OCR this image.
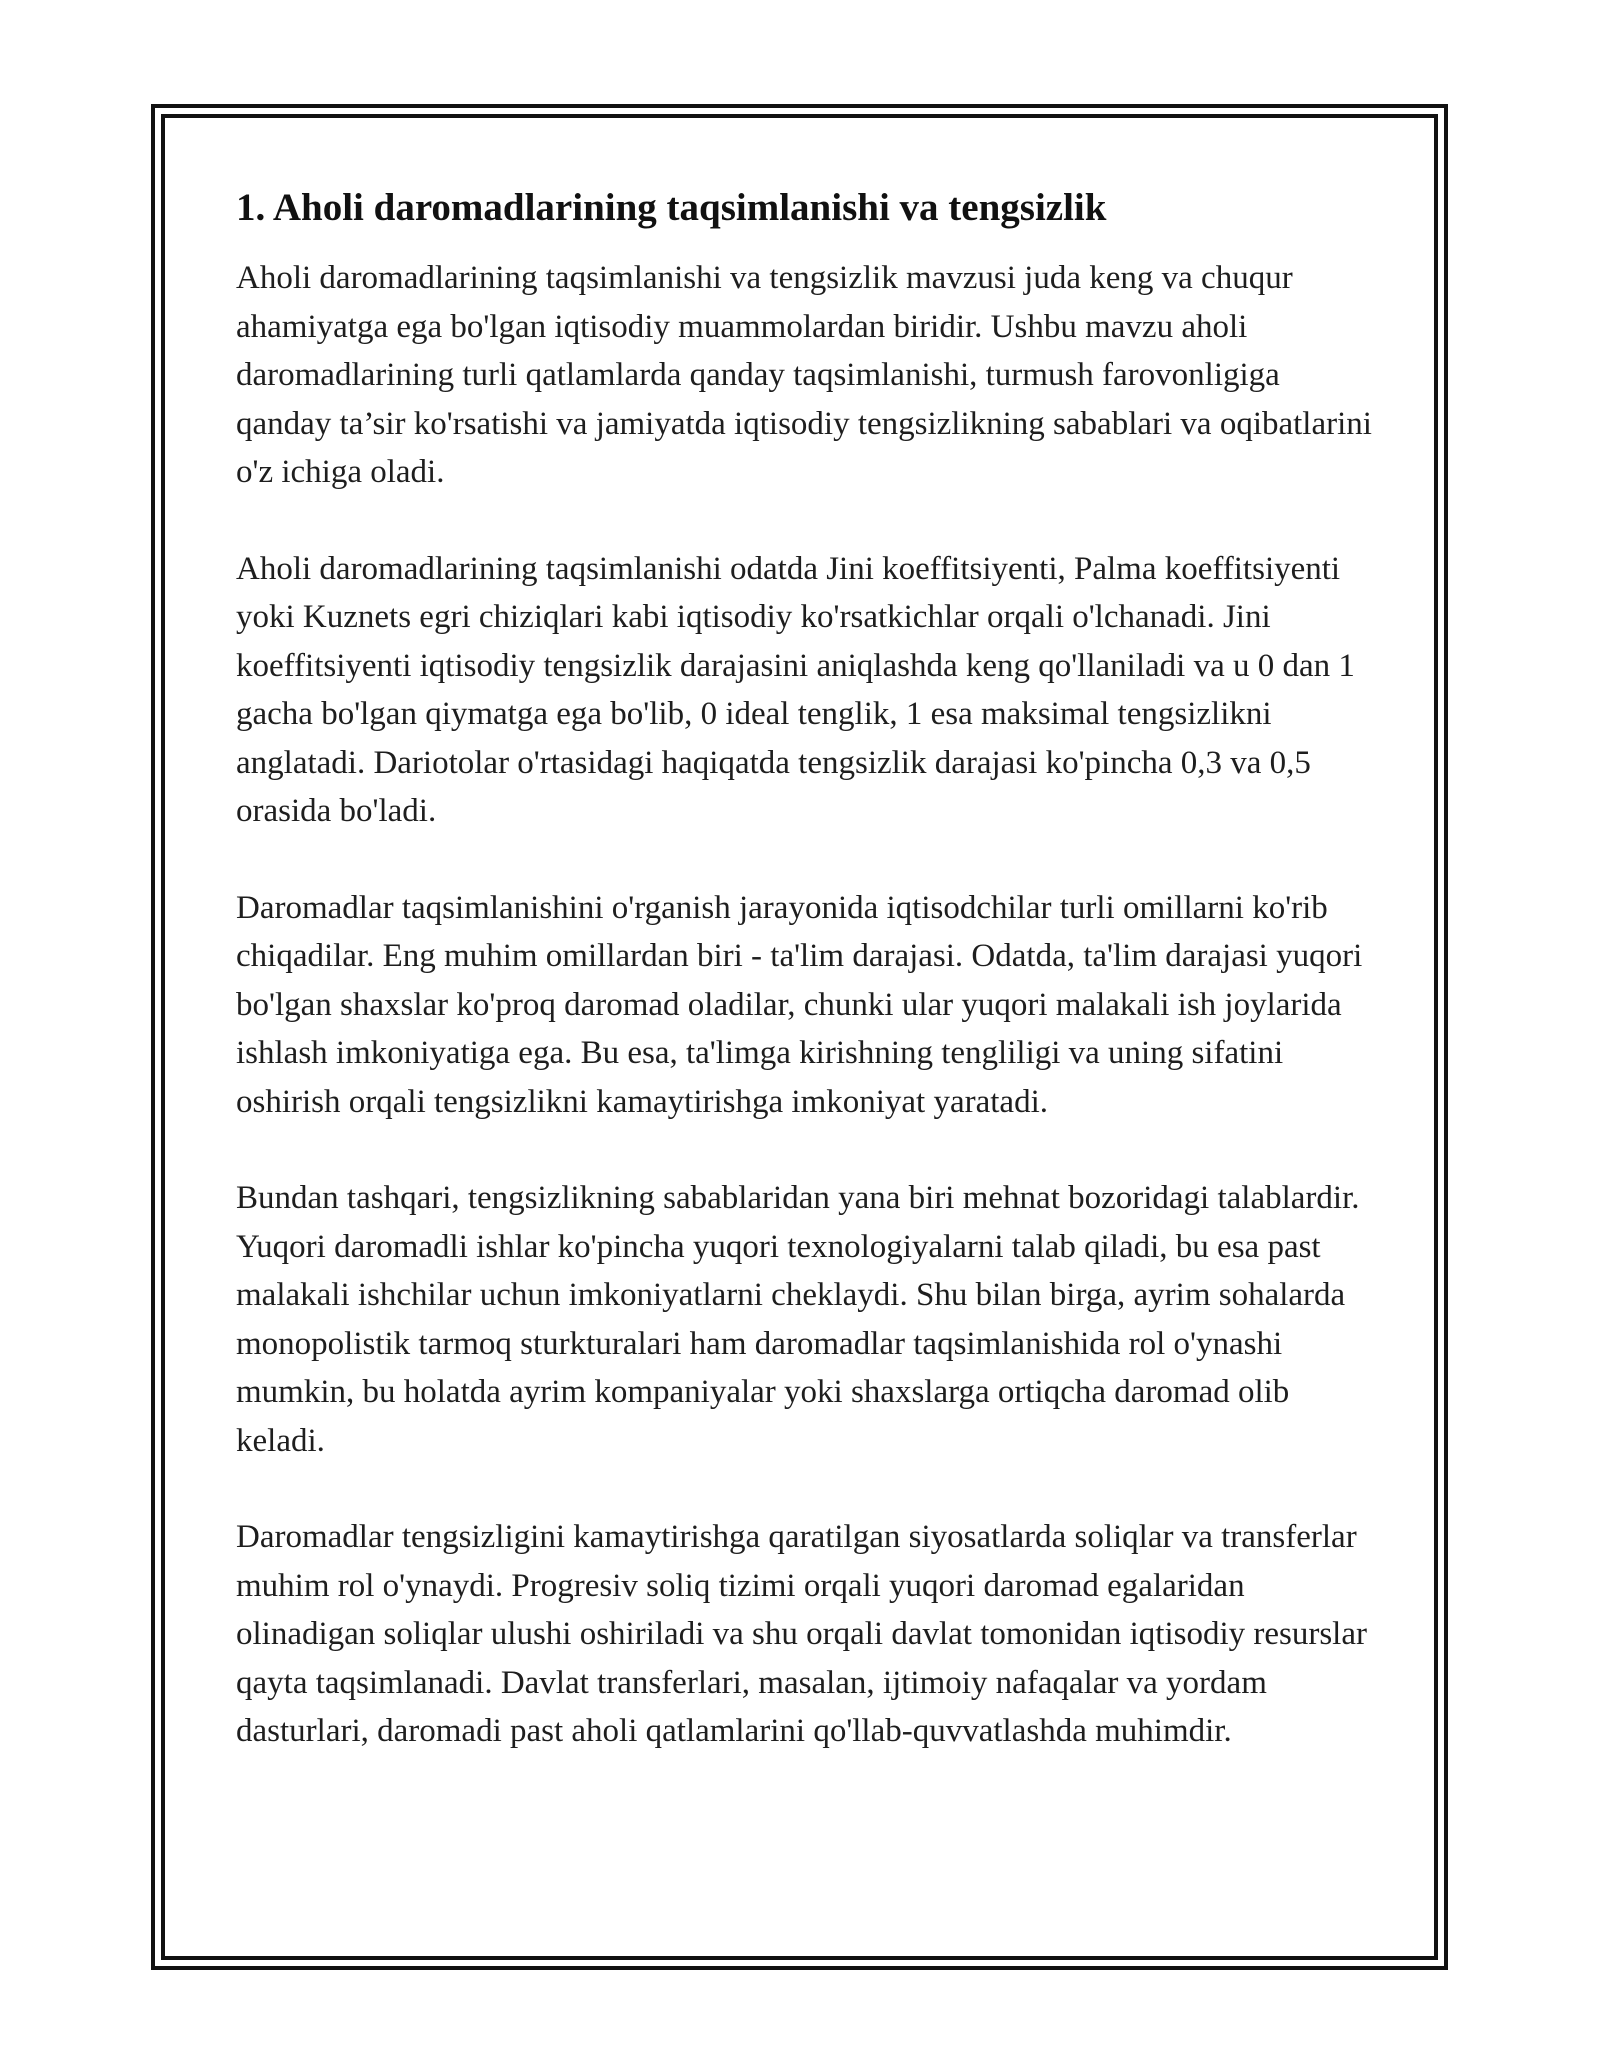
1. Aholi daromadlarining taqsimlanishi va tengsizlik

Aholi daromadlarining taqsimlanishi va tengsizlik mavzusi juda keng va chuqur ahamiyatga ega bo'lgan iqtisodiy muammolardan biridir. Ushbu mavzu aholi daromadlarining turli qatlamlarda qanday taqsimlanishi, turmush farovonligiga qanday ta’sir ko'rsatishi va jamiyatda iqtisodiy tengsizlikning sabablari va oqibatlarini o'z ichiga oladi.

Aholi daromadlarining taqsimlanishi odatda Jini koeffitsiyenti, Palma koeffitsiyenti yoki Kuznets egri chiziqlari kabi iqtisodiy ko'rsatkichlar orqali o'lchanadi. Jini koeffitsiyenti iqtisodiy tengsizlik darajasini aniqlashda keng qo'llaniladi va u 0 dan 1 gacha bo'lgan qiymatga ega bo'lib, 0 ideal tenglik, 1 esa maksimal tengsizlikni anglatadi. Dariotolar o'rtasidagi haqiqatda tengsizlik darajasi ko'pincha 0,3 va 0,5 orasida bo'ladi.

Daromadlar taqsimlanishini o'rganish jarayonida iqtisodchilar turli omillarni ko'rib chiqadilar. Eng muhim omillardan biri - ta'lim darajasi. Odatda, ta'lim darajasi yuqori bo'lgan shaxslar ko'proq daromad oladilar, chunki ular yuqori malakali ish joylarida ishlash imkoniyatiga ega. Bu esa, ta'limga kirishning tengliligi va uning sifatini oshirish orqali tengsizlikni kamaytirishga imkoniyat yaratadi.

Bundan tashqari, tengsizlikning sabablaridan yana biri mehnat bozoridagi talablardir. Yuqori daromadli ishlar ko'pincha yuqori texnologiyalarni talab qiladi, bu esa past malakali ishchilar uchun imkoniyatlarni cheklaydi. Shu bilan birga, ayrim sohalarda monopolistik tarmoq sturkturalari ham daromadlar taqsimlanishida rol o'ynashi mumkin, bu holatda ayrim kompaniyalar yoki shaxslarga ortiqcha daromad olib keladi.

Daromadlar tengsizligini kamaytirishga qaratilgan siyosatlarda soliqlar va transferlar muhim rol o'ynaydi. Progresiv soliq tizimi orqali yuqori daromad egalaridan olinadigan soliqlar ulushi oshiriladi va shu orqali davlat tomonidan iqtisodiy resurslar qayta taqsimlanadi. Davlat transferlari, masalan, ijtimoiy nafaqalar va yordam dasturlari, daromadi past aholi qatlamlarini qo'llab-quvvatlashda muhimdir.
